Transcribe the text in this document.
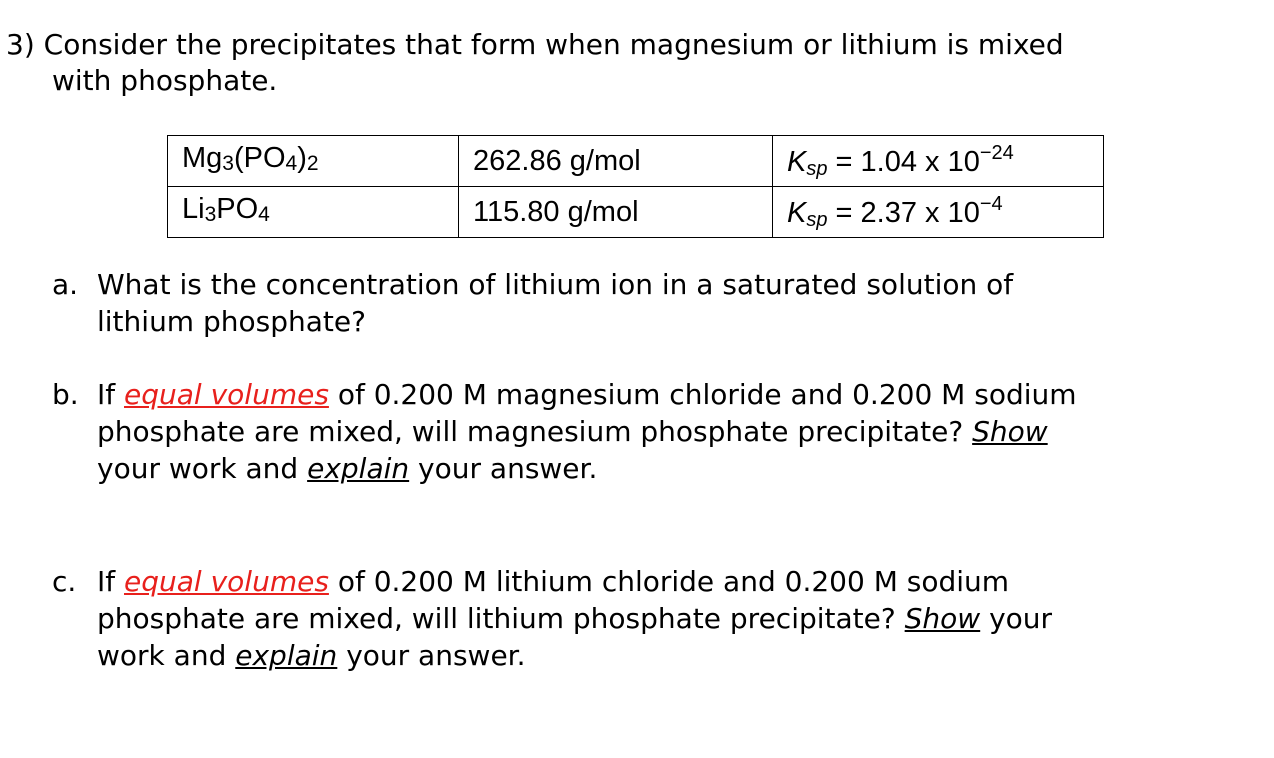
3) Consider the precipitates that form when magnesium or lithium is mixed
with phosphate.
$Mg_3(PO_4)_2$	262.86 g/mol	$K_{sp} = 1.04$ x $10^{-24}$
$Li_3PO_4$	115.80 g/mol	$K_{sp} = 2.37$ x $10^{-4}$
a. What is the concentration of lithium ion in a saturated solution of
lithium phosphate?
b. If equal volumes of 0.200 M magnesium chloride and 0.200 M sodium
phosphate are mixed, will magnesium phosphate precipitate? Show
your work and explain your answer.
c. If equal volumes of 0.200 M lithium chloride and 0.200 M sodium
phosphate are mixed, will lithium phosphate precipitate? Show your
work and explain your answer.
